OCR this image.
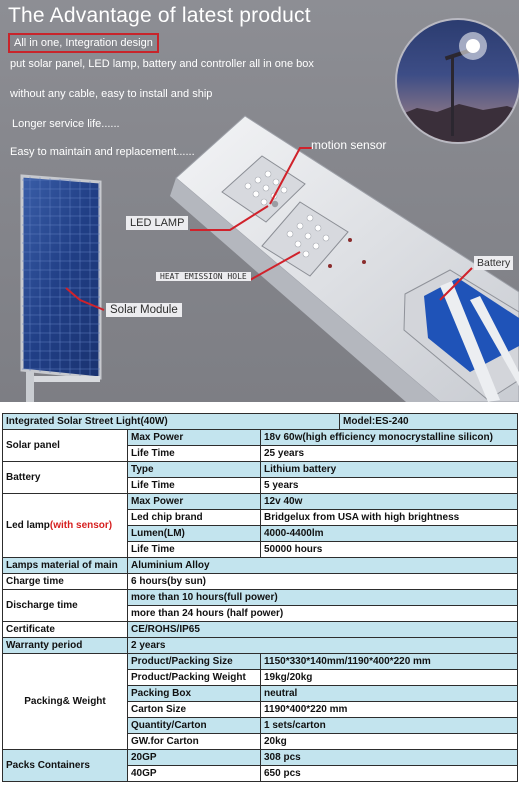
The Advantage of latest product
All in one, Integration design
put solar panel, LED lamp, battery and controller all in one box
without any cable, easy to install and ship
Longer service life......
Easy to maintain and replacement......	motion sensor
LED LAMP
HEAT EMISSION HOLE
Battery
Solar Module
Integrated Solar Street Light(40W)			Model:ES-240
Solar panel	Max Power	18v 60w(high efficiency monocrystalline silicon)	
	Life Time	25 years	
Battery	Type	Lithium battery	
	Life Time	5 years	
Led lamp(with sensor)	Max Power	12v 40w	
	Led chip brand	Bridgelux from USA with high brightness	
	Lumen(LM)	4000-4400lm	
	Life Time	50000 hours	
Lamps material of main	Aluminium Alloy		
Charge time	6 hours(by sun)		
Discharge time	more than 10 hours(full power)		
	more than 24 hours (half power)		
Certificate	CE/ROHS/IP65		
Warranty period	2 years		
Packing& Weight	Product/Packing Size	1150*330*140mm/1190*400*220 mm	
	Product/Packing Weight	19kg/20kg	
	Packing Box	neutral	
	Carton Size	1190*400*220 mm	
	Quantity/Carton	1 sets/carton	
	GW.for Carton	20kg	
Packs Containers	20GP	308 pcs	
	40GP	650 pcs	
